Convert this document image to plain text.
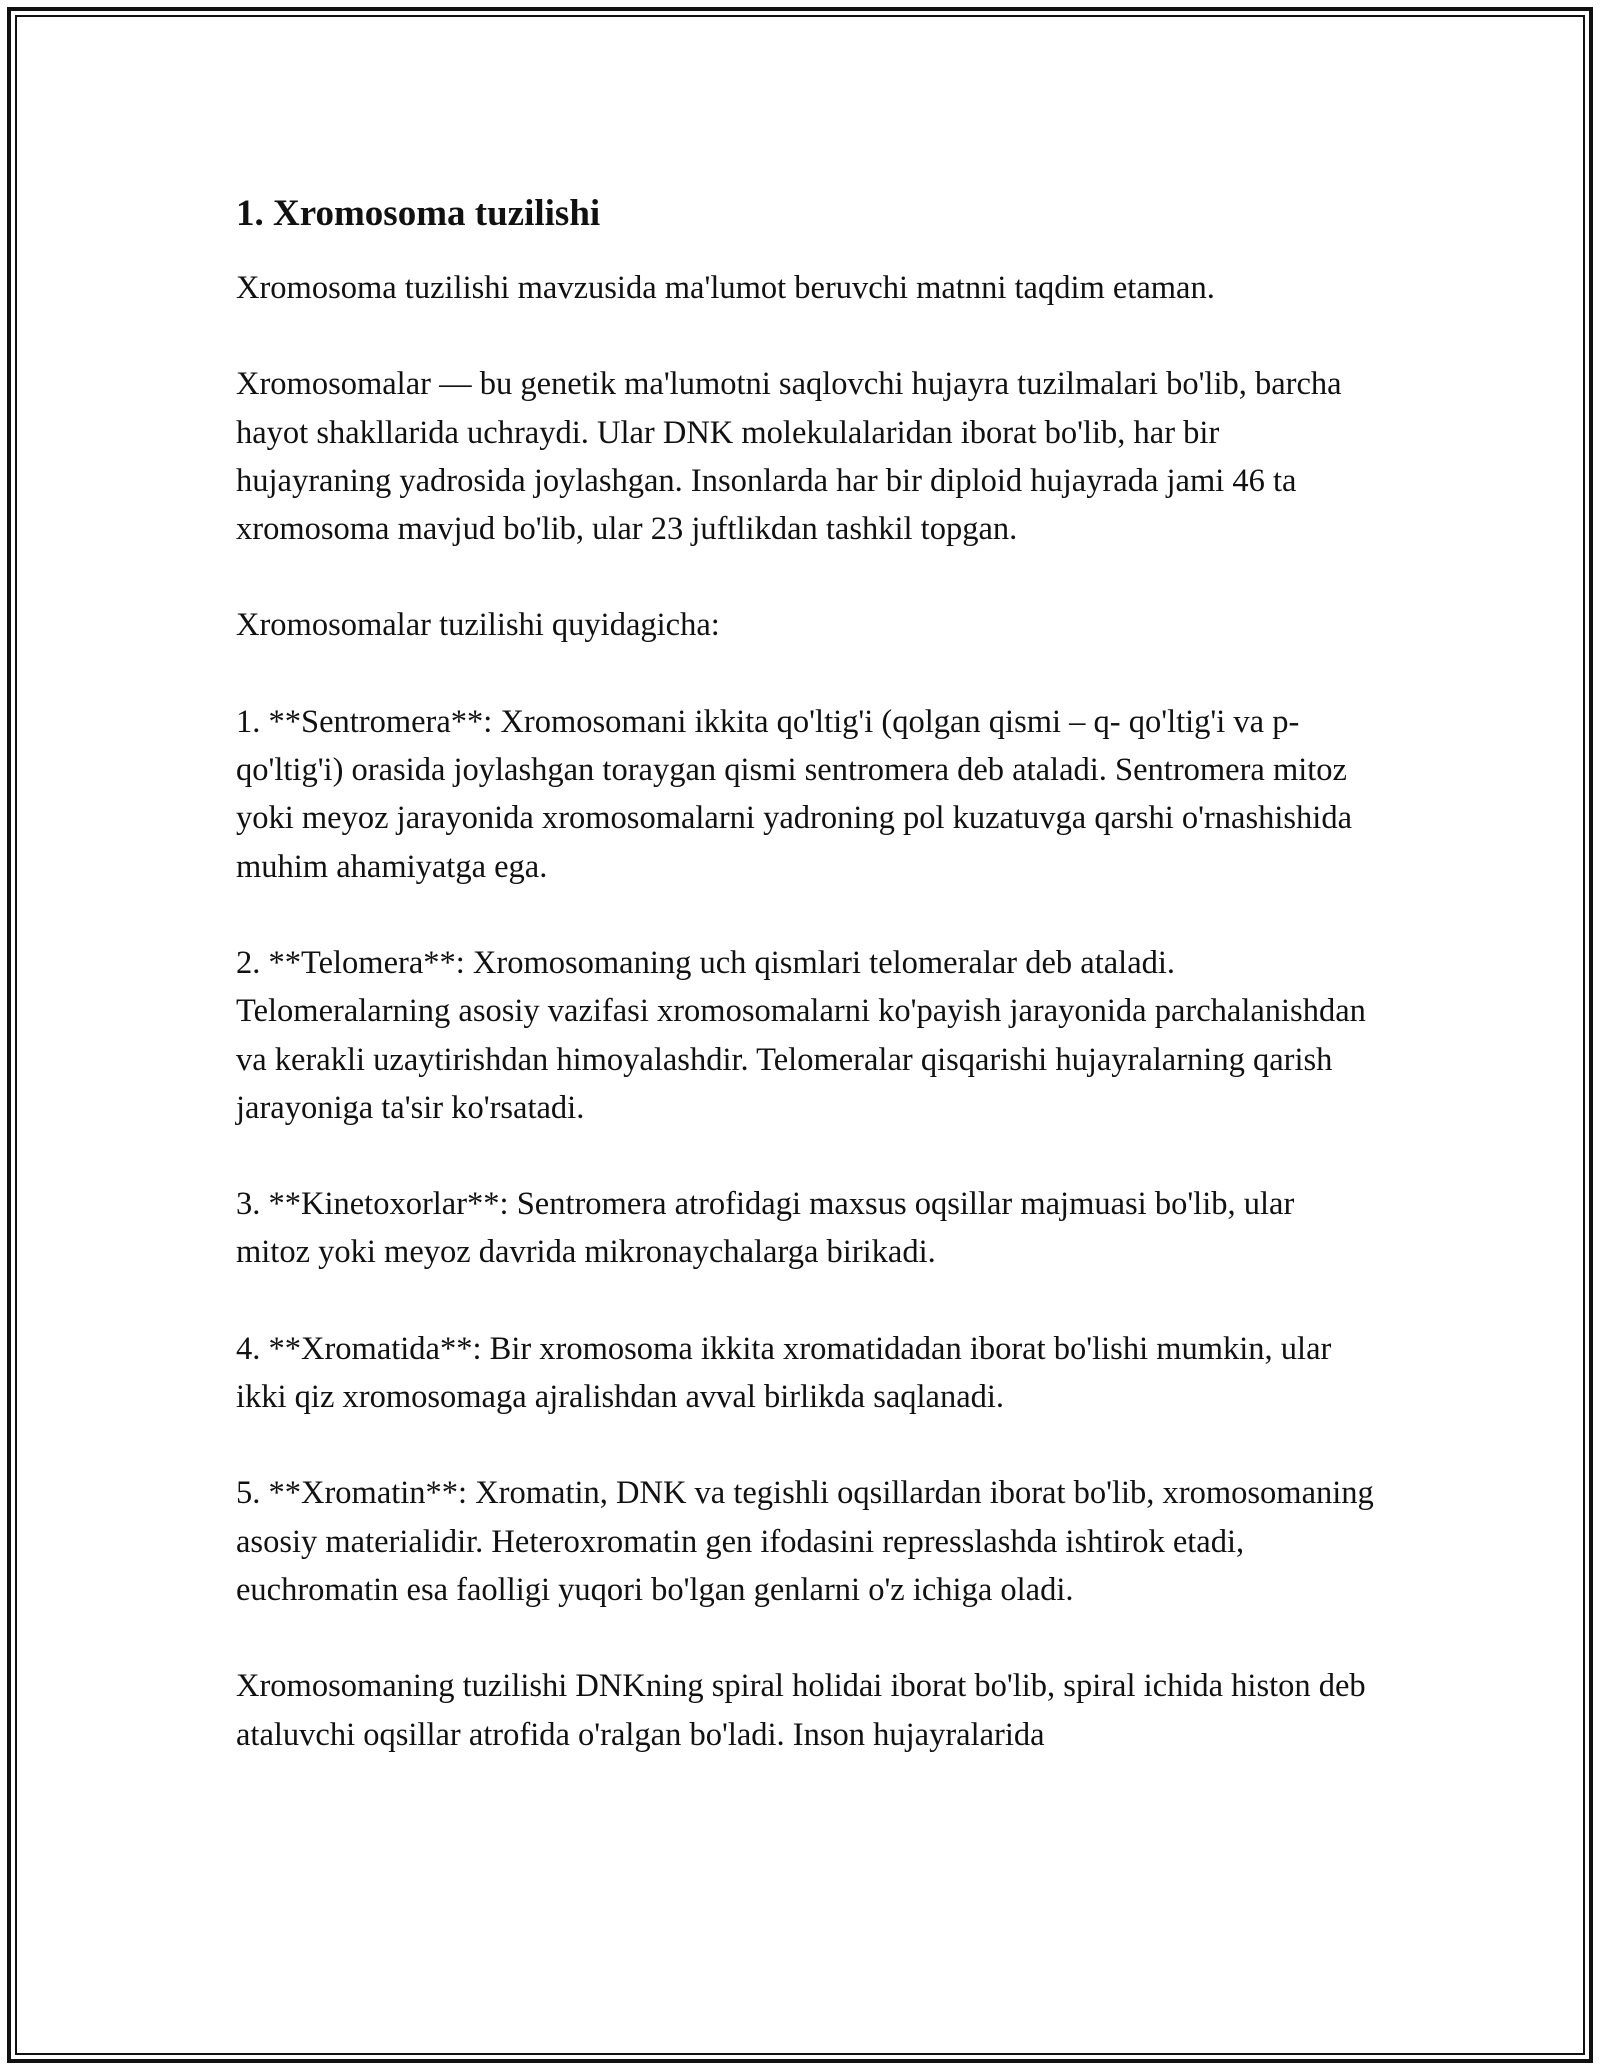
1. Xromosoma tuzilishi

Xromosoma tuzilishi mavzusida ma'lumot beruvchi matnni taqdim etaman.

Xromosomalar — bu genetik ma'lumotni saqlovchi hujayra tuzilmalari bo'lib, barcha hayot shakllarida uchraydi. Ular DNK molekulalaridan iborat bo'lib, har bir hujayraning yadrosida joylashgan. Insonlarda har bir diploid hujayrada jami 46 ta xromosoma mavjud bo'lib, ular 23 juftlikdan tashkil topgan.

Xromosomalar tuzilishi quyidagicha:

1. **Sentromera**: Xromosomani ikkita qo'ltig'i (qolgan qismi – q- qo'ltig'i va p- qo'ltig'i) orasida joylashgan toraygan qismi sentromera deb ataladi. Sentromera mitoz yoki meyoz jarayonida xromosomalarni yadroning pol kuzatuvga qarshi o'rnashishida muhim ahamiyatga ega.

2. **Telomera**: Xromosomaning uch qismlari telomeralar deb ataladi. Telomeralarning asosiy vazifasi xromosomalarni ko'payish jarayonida parchalanishdan va kerakli uzaytirishdan himoyalashdir. Telomeralar qisqarishi hujayralarning qarish jarayoniga ta'sir ko'rsatadi.

3. **Kinetoxorlar**: Sentromera atrofidagi maxsus oqsillar majmuasi bo'lib, ular mitoz yoki meyoz davrida mikronaychalarga birikadi.

4. **Xromatida**: Bir xromosoma ikkita xromatidadan iborat bo'lishi mumkin, ular ikki qiz xromosomaga ajralishdan avval birlikda saqlanadi.

5. **Xromatin**: Xromatin, DNK va tegishli oqsillardan iborat bo'lib, xromosomaning asosiy materialidir. Heteroxromatin gen ifodasini represslashda ishtirok etadi, euchromatin esa faolligi yuqori bo'lgan genlarni o'z ichiga oladi.

Xromosomaning tuzilishi DNKning spiral holidai iborat bo'lib, spiral ichida histon deb ataluvchi oqsillar atrofida o'ralgan bo'ladi. Inson hujayralarida
